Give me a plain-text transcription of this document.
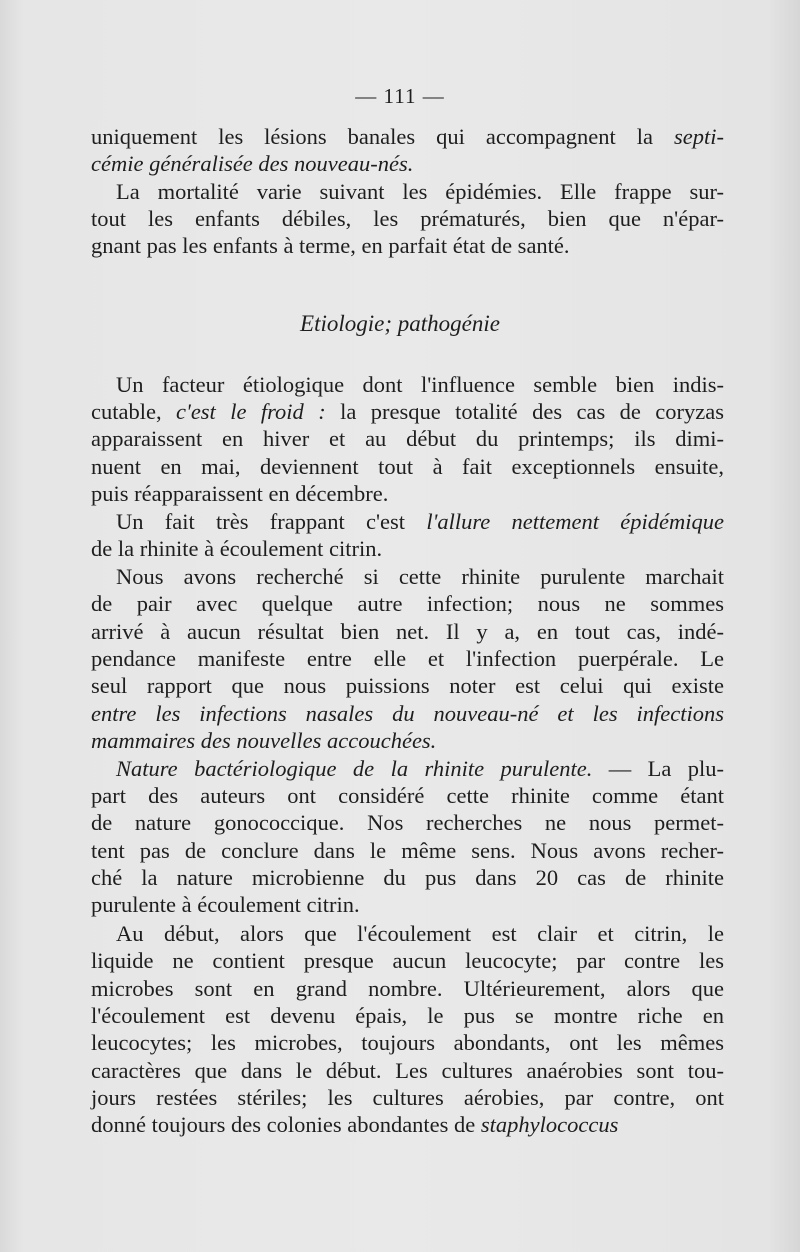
— 111 —
Etiologie; pathogénie
uniquement les lésions banales qui accompagnent la septi-
cémie généralisée des nouveau-nés.
La mortalité varie suivant les épidémies. Elle frappe sur-
tout les enfants débiles, les prématurés, bien que n'épar-
gnant pas les enfants à terme, en parfait état de santé.
Un facteur étiologique dont l'influence semble bien indis-
cutable, c'est le froid : la presque totalité des cas de coryzas
apparaissent en hiver et au début du printemps; ils dimi-
nuent en mai, deviennent tout à fait exceptionnels ensuite,
puis réapparaissent en décembre.
Un fait très frappant c'est l'allure nettement épidémique
de la rhinite à écoulement citrin.
Nous avons recherché si cette rhinite purulente marchait
de pair avec quelque autre infection; nous ne sommes
arrivé à aucun résultat bien net. Il y a, en tout cas, indé-
pendance manifeste entre elle et l'infection puerpérale. Le
seul rapport que nous puissions noter est celui qui existe
entre les infections nasales du nouveau-né et les infections
mammaires des nouvelles accouchées.
Nature bactériologique de la rhinite purulente. — La plu-
part des auteurs ont considéré cette rhinite comme étant
de nature gonococcique. Nos recherches ne nous permet-
tent pas de conclure dans le même sens. Nous avons recher-
ché la nature microbienne du pus dans 20 cas de rhinite
purulente à écoulement citrin.
Au début, alors que l'écoulement est clair et citrin, le
liquide ne contient presque aucun leucocyte; par contre les
microbes sont en grand nombre. Ultérieurement, alors que
l'écoulement est devenu épais, le pus se montre riche en
leucocytes; les microbes, toujours abondants, ont les mêmes
caractères que dans le début. Les cultures anaérobies sont tou-
jours restées stériles; les cultures aérobies, par contre, ont
donné toujours des colonies abondantes de staphylococcus
